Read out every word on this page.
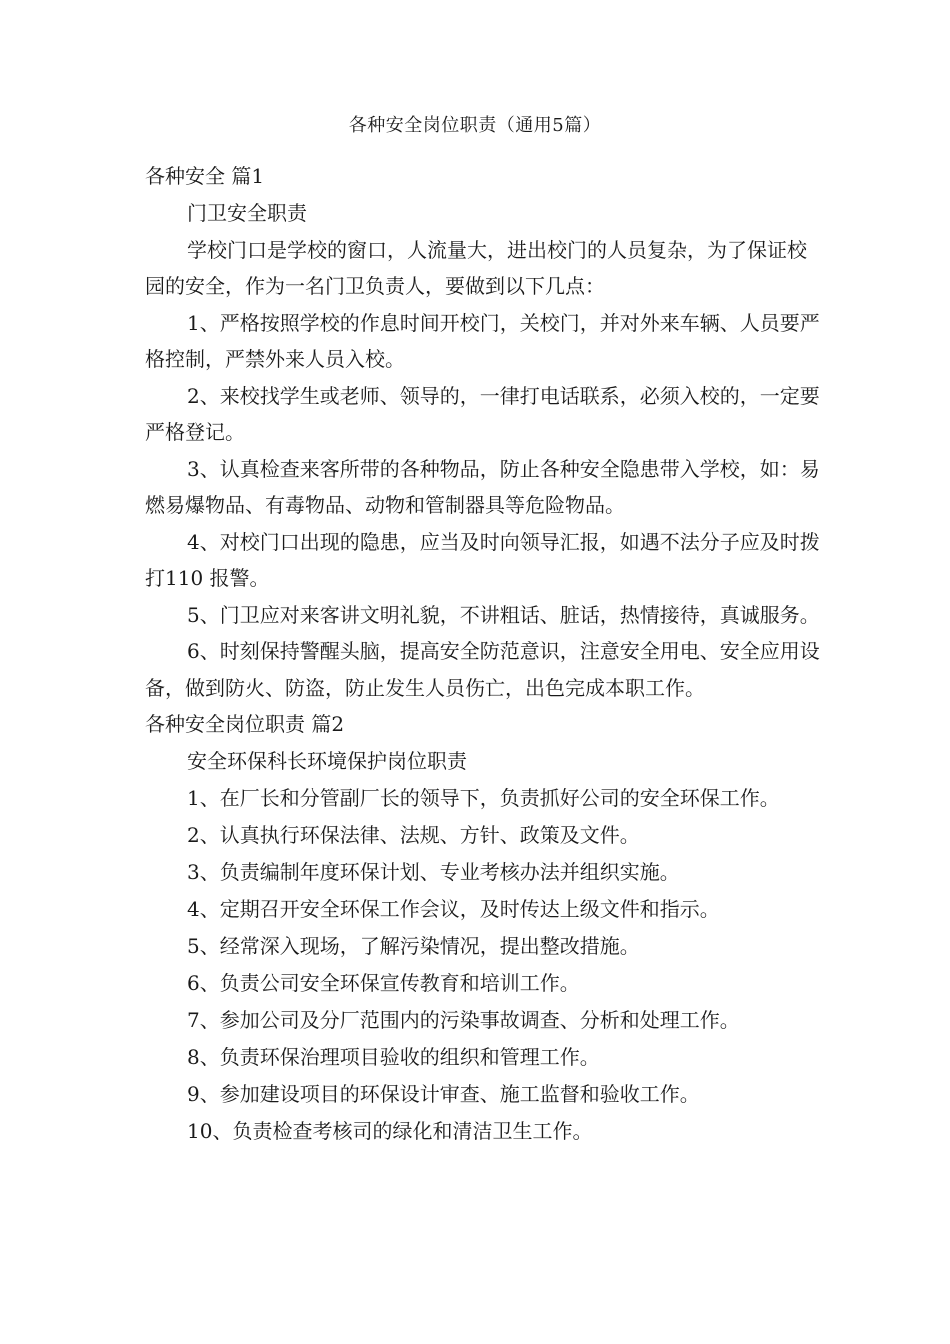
各种安全岗位职责（通用5篇）
各种安全 篇1

门卫安全职责

学校门口是学校的窗口，人流量大，进出校门的人员复杂，为了保证校园的安全，作为一名门卫负责人，要做到以下几点：

1、严格按照学校的作息时间开校门，关校门，并对外来车辆、人员要严格控制，严禁外来人员入校。

2、来校找学生或老师、领导的，一律打电话联系，必须入校的，一定要严格登记。

3、认真检查来客所带的各种物品，防止各种安全隐患带入学校，如：易燃易爆物品、有毒物品、动物和管制器具等危险物品。

4、对校门口出现的隐患，应当及时向领导汇报，如遇不法分子应及时拨打110 报警。

5、门卫应对来客讲文明礼貌，不讲粗话、脏话，热情接待，真诚服务。

6、时刻保持警醒头脑，提高安全防范意识，注意安全用电、安全应用设备，做到防火、防盗，防止发生人员伤亡，出色完成本职工作。

各种安全岗位职责 篇2

安全环保科长环境保护岗位职责

1、在厂长和分管副厂长的领导下，负责抓好公司的安全环保工作。

2、认真执行环保法律、法规、方针、政策及文件。

3、负责编制年度环保计划、专业考核办法并组织实施。

4、定期召开安全环保工作会议，及时传达上级文件和指示。

5、经常深入现场，了解污染情况，提出整改措施。

6、负责公司安全环保宣传教育和培训工作。

7、参加公司及分厂范围内的污染事故调查、分析和处理工作。

8、负责环保治理项目验收的组织和管理工作。

9、参加建设项目的环保设计审查、施工监督和验收工作。

10、负责检查考核司的绿化和清洁卫生工作。
